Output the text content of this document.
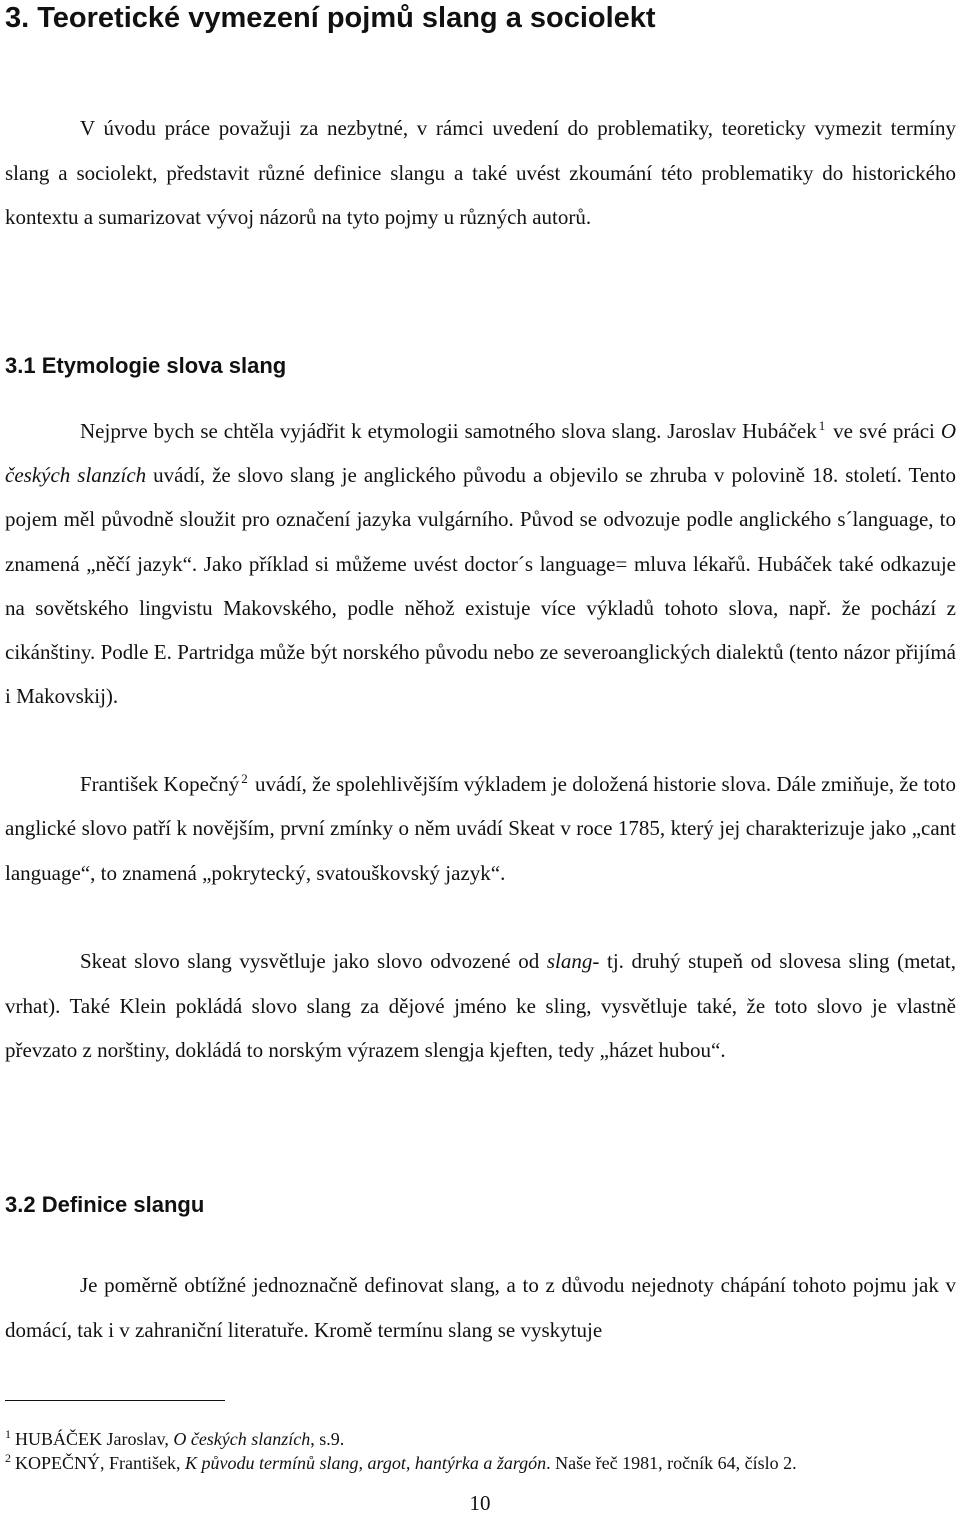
3. Teoretické vymezení pojmů slang a sociolekt

V úvodu práce považuji za nezbytné, v rámci uvedení do problematiky, teoreticky vymezit termíny slang a sociolekt, představit různé definice slangu a také uvést zkoumání této problematiky do historického kontextu a sumarizovat vývoj názorů na tyto pojmy u různých autorů.

3.1 Etymologie slova slang

Nejprve bych se chtěla vyjádřit k etymologii samotného slova slang. Jaroslav Hubáček $^1$ ve své práci O českých slanzích uvádí, že slovo slang je anglického původu a objevilo se zhruba v polovině 18. století. Tento pojem měl původně sloužit pro označení jazyka vulgárního. Původ se odvozuje podle anglického s´language, to znamená „něčí jazyk“. Jako příklad si můžeme uvést doctor´s language= mluva lékařů. Hubáček také odkazuje na sovětského lingvistu Makovského, podle něhož existuje více výkladů tohoto slova, např. že pochází z cikánštiny. Podle E. Partridga může být norského původu nebo ze severoanglických dialektů (tento názor přijímá i Makovskij).

František Kopečný $^2$ uvádí, že spolehlivějším výkladem je doložená historie slova. Dále zmiňuje, že toto anglické slovo patří k novějším, první zmínky o něm uvádí Skeat v roce 1785, který jej charakterizuje jako „cant language“, to znamená „pokrytecký, svatouškovský jazyk“.

Skeat slovo slang vysvětluje jako slovo odvozené od slang- tj. druhý stupeň od slovesa sling (metat, vrhat). Také Klein pokládá slovo slang za dějové jméno ke sling, vysvětluje také, že toto slovo je vlastně převzato z norštiny, dokládá to norským výrazem slengja kjeften, tedy „házet hubou“.

3.2 Definice slangu

Je poměrně obtížné jednoznačně definovat slang, a to z důvodu nejednoty chápání tohoto pojmu jak v domácí, tak i v zahraniční literatuře. Kromě termínu slang se vyskytuje

$^1$ HUBÁČEK Jaroslav, O českých slanzích, s.9.

$^2$ KOPEČNÝ, František, K původu termínů slang, argot, hantýrka a žargón. Naše řeč 1981, ročník 64, číslo 2.

10
